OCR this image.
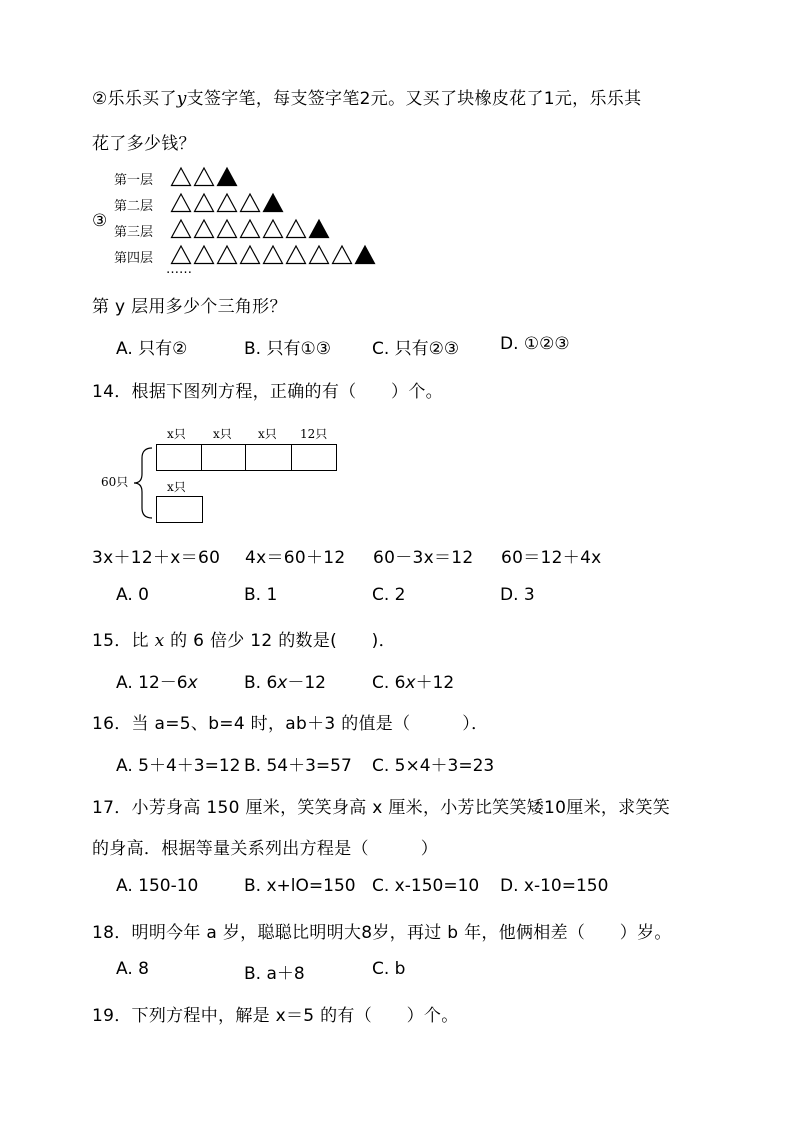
②乐乐买了y支签字笔，每支签字笔2元。又买了块橡皮花了1元，乐乐其
花了多少钱？
③
第一层
第二层
第三层
第四层
……
第 y 层用多少个三角形？
A. 只有②	B. 只有①③ C. 只有②③ D. ①②③
14．根据下图列方程，正确的有（　　）个。
x只 x只 x只 12只
x只
60只
3x＋12＋x＝60 4x＝60＋12 60－3x＝12 60＝12＋4x
A. 0	B. 1	C. 2	D. 3
15．比 x 的 6 倍少 12 的数是(　　)．
A. 12－6x	B. 6x－12	C. 6x＋12
16．当 a=5、b=4 时，ab＋3 的值是（　　　）．
A. 5＋4＋3=12 B. 54＋3=57 C. 5×4＋3=23
17．小芳身高 150 厘米，笑笑身高 x 厘米，小芳比笑笑矮10厘米，求笑笑
的身高．根据等量关系列出方程是（　　　）
A. 150-10	B. x+lO=150 C. x-150=10 D. x-10=150
18．明明今年 a 岁，聪聪比明明大8岁，再过 b 年，他俩相差（　　）岁。
A. 8	B. a＋8	C. b
19．下列方程中，解是 x＝5 的有（　　）个。
